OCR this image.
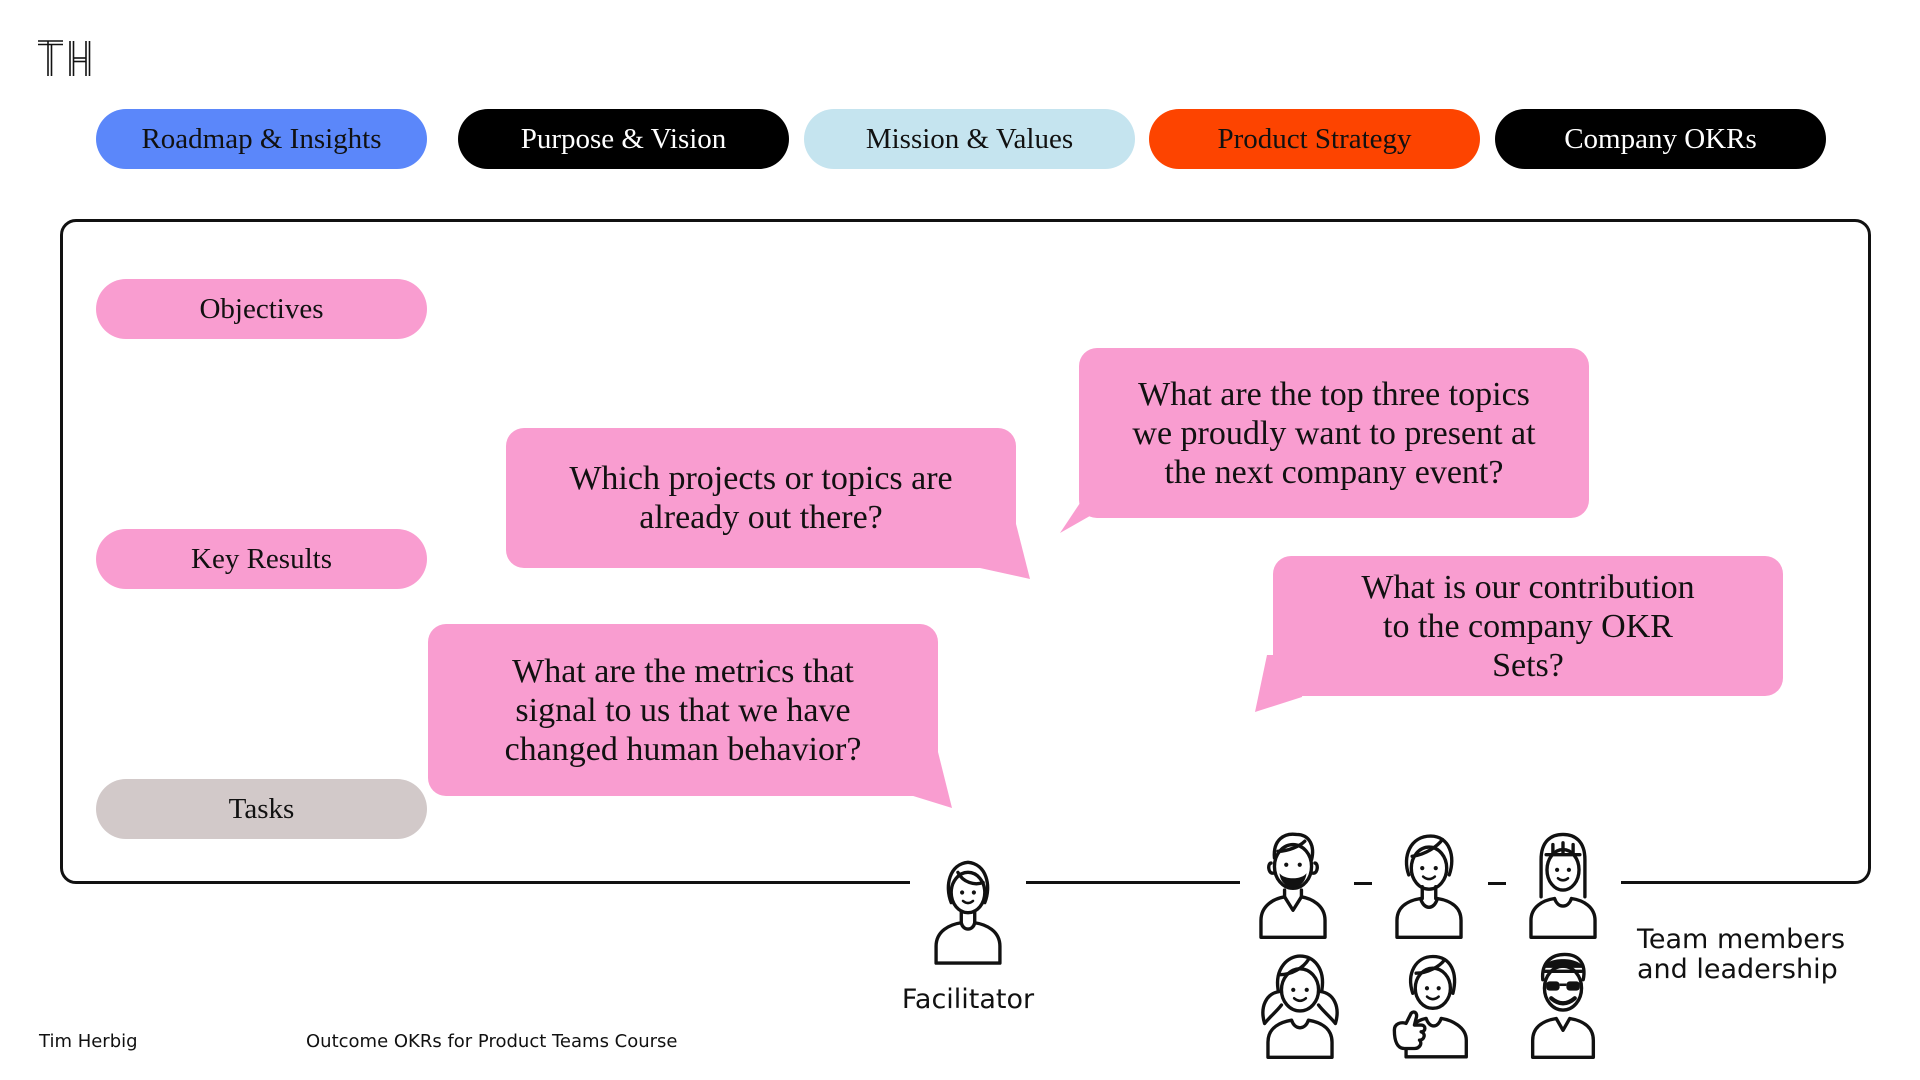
Roadmap & Insights	Purpose & Vision	Mission & Values	Product Strategy	Company OKRs
Objectives
Key Results
Tasks
What are the top three topics we proudly want to present at the next company event?
Which projects or topics are already out there?
What is our contribution to the company OKR Sets?
What are the metrics that signal to us that we have changed human behavior?
Facilitator
Team members and leadership
Tim Herbig	Outcome OKRs for Product Teams Course
